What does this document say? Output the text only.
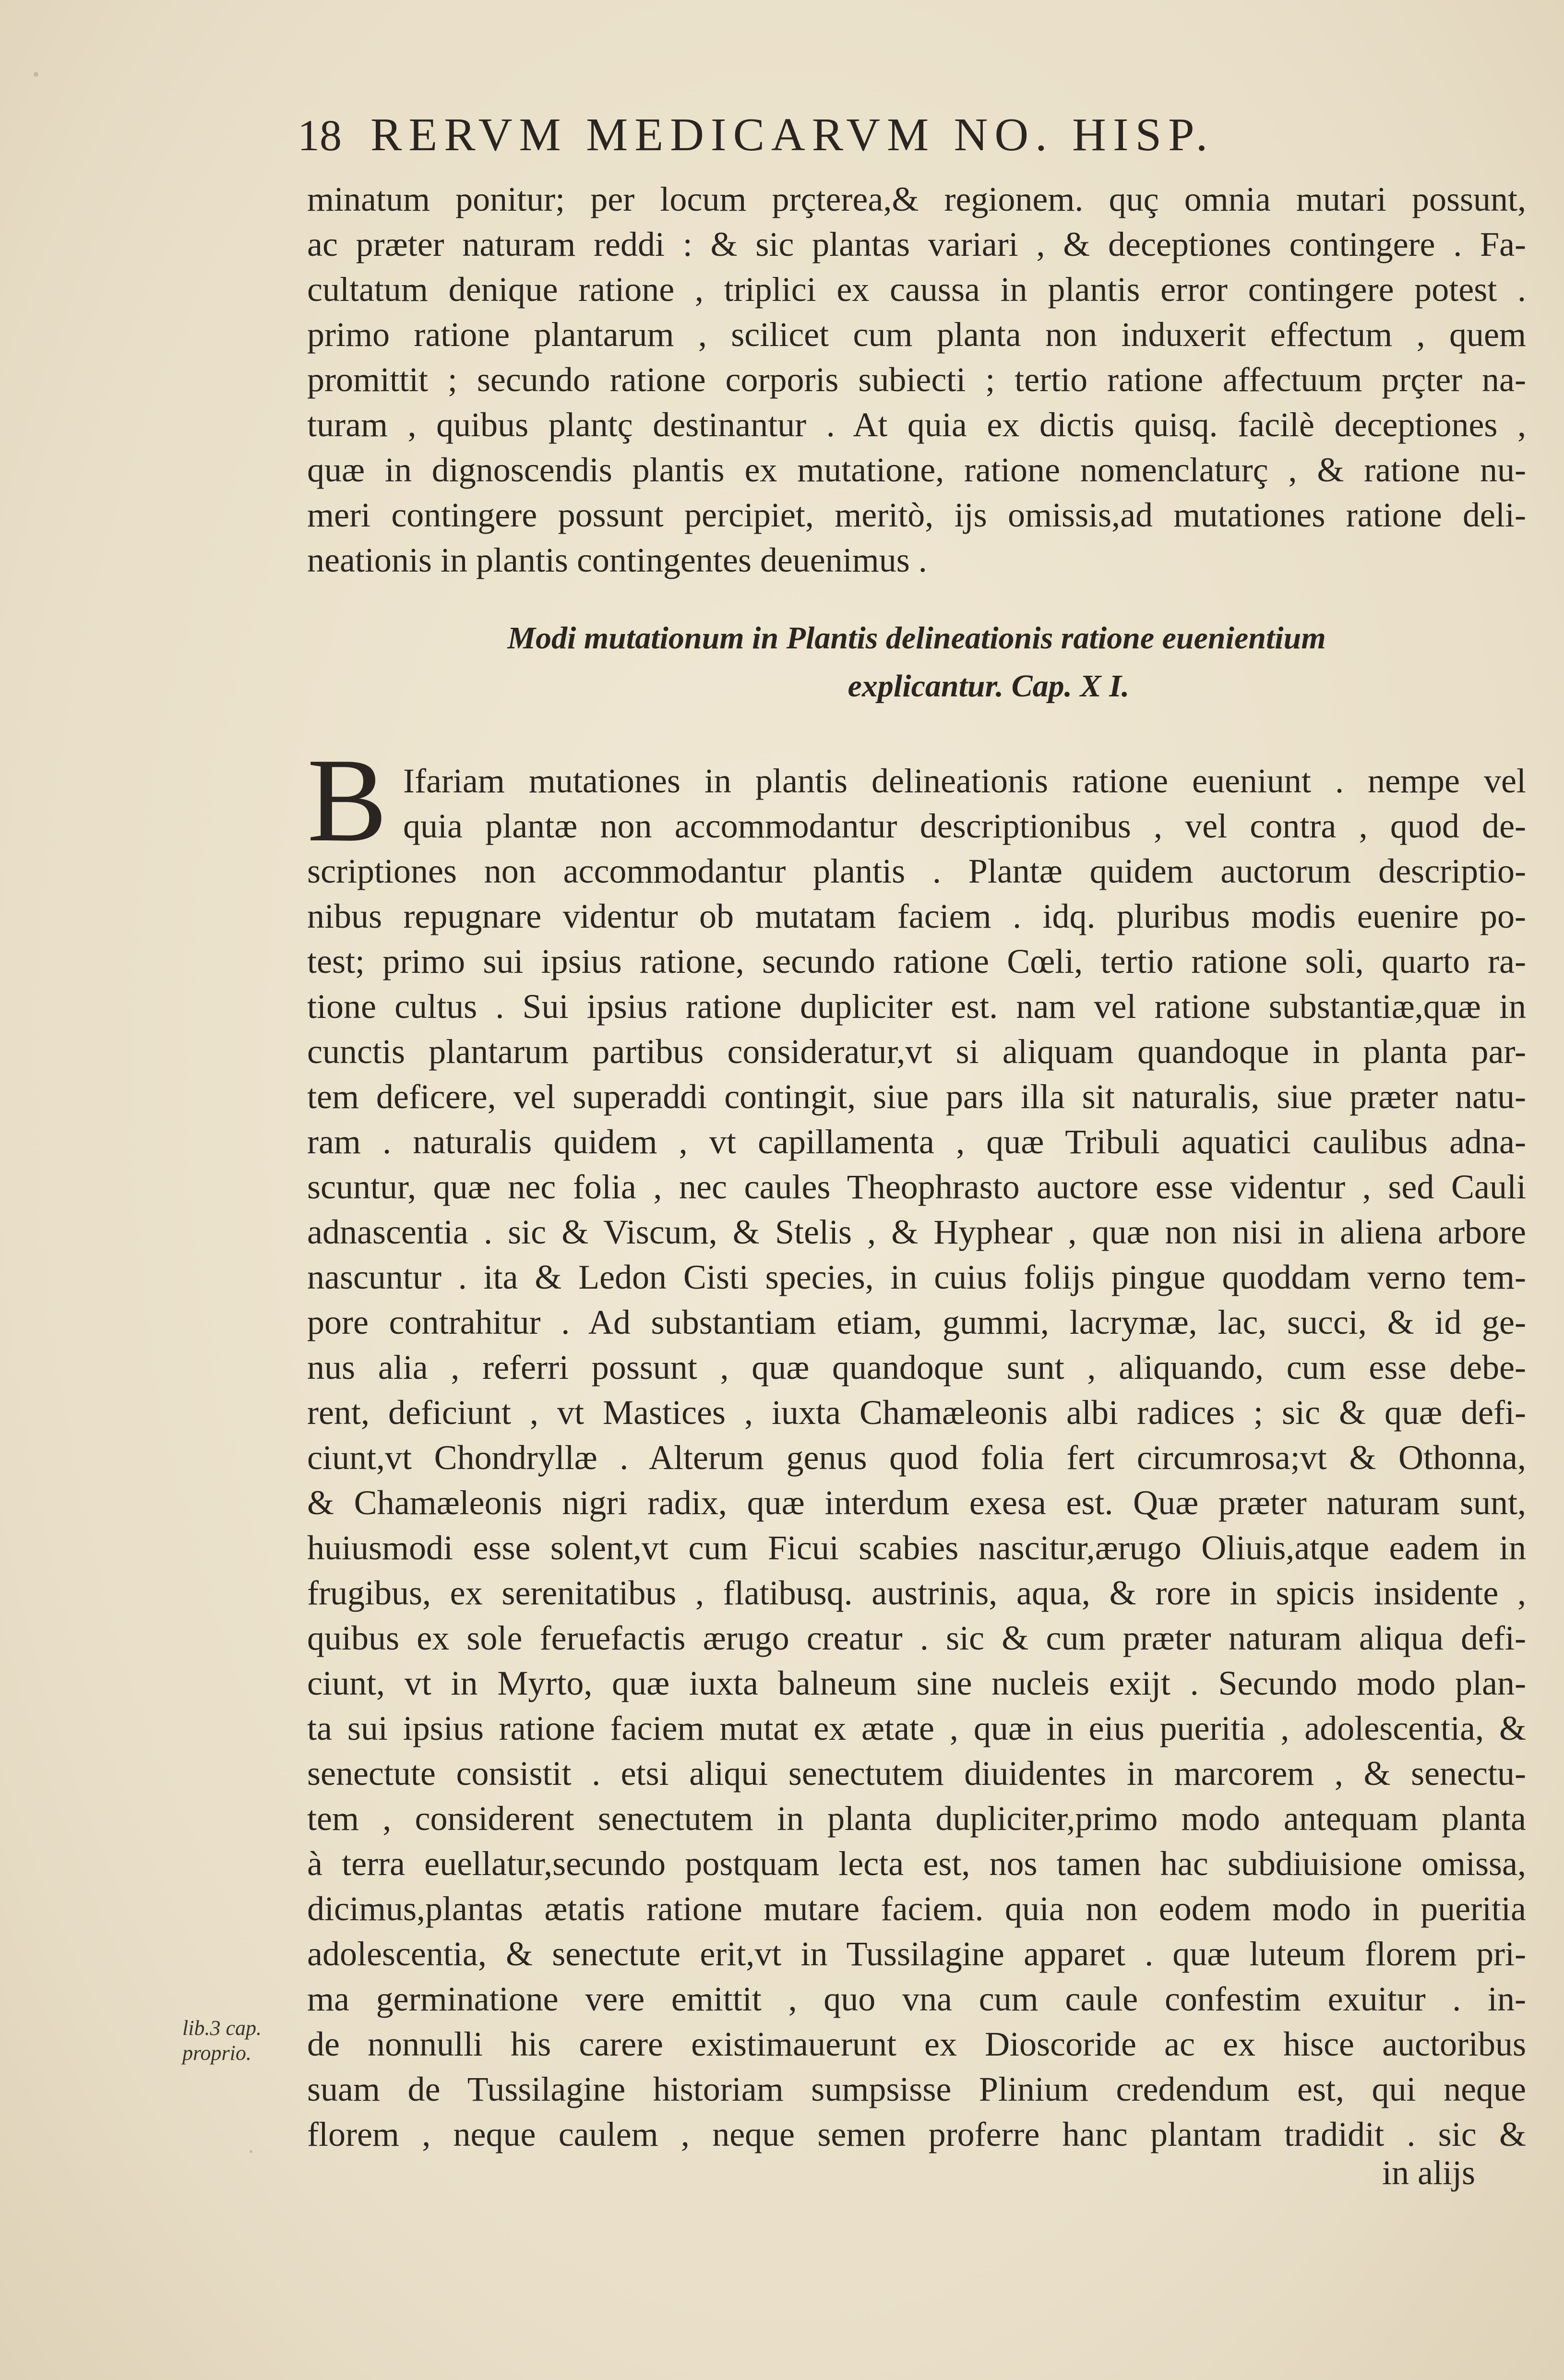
18 RERVM MEDICARVM NO. HISP.
minatum ponitur; per locum prçterea,& regionem. quç omnia mutari possunt,
ac præter naturam reddi : & sic plantas variari , & deceptiones contingere . Fa-
cultatum denique ratione , triplici ex caussa in plantis error contingere potest .
primo ratione plantarum , scilicet cum planta non induxerit effectum , quem
promittit ; secundo ratione corporis subiecti ; tertio ratione affectuum prçter na-
turam , quibus plantç destinantur . At quia ex dictis quisq. facilè deceptiones ,
quæ in dignoscendis plantis ex mutatione, ratione nomenclaturç , & ratione nu-
meri contingere possunt percipiet, meritò, ijs omissis,ad mutationes ratione deli-
neationis in plantis contingentes deuenimus .
Modi mutationum in Plantis delineationis ratione euenientium
explicantur. Cap. X I.
B Ifariam mutationes in plantis delineationis ratione eueniunt . nempe vel
quia plantæ non accommodantur descriptionibus , vel contra , quod de-
scriptiones non accommodantur plantis . Plantæ quidem auctorum descriptio-
nibus repugnare videntur ob mutatam faciem . idq. pluribus modis euenire po-
test; primo sui ipsius ratione, secundo ratione Cœli, tertio ratione soli, quarto ra-
tione cultus . Sui ipsius ratione dupliciter est. nam vel ratione substantiæ,quæ in
cunctis plantarum partibus consideratur,vt si aliquam quandoque in planta par-
tem deficere, vel superaddi contingit, siue pars illa sit naturalis, siue præter natu-
ram . naturalis quidem , vt capillamenta , quæ Tribuli aquatici caulibus adna-
scuntur, quæ nec folia , nec caules Theophrasto auctore esse videntur , sed Cauli
adnascentia . sic & Viscum, & Stelis , & Hyphear , quæ non nisi in aliena arbore
nascuntur . ita & Ledon Cisti species, in cuius folijs pingue quoddam verno tem-
pore contrahitur . Ad substantiam etiam, gummi, lacrymæ, lac, succi, & id ge-
nus alia , referri possunt , quæ quandoque sunt , aliquando, cum esse debe-
rent, deficiunt , vt Mastices , iuxta Chamæleonis albi radices ; sic & quæ defi-
ciunt,vt Chondryllæ . Alterum genus quod folia fert circumrosa;vt & Othonna,
& Chamæleonis nigri radix, quæ interdum exesa est. Quæ præter naturam sunt,
huiusmodi esse solent,vt cum Ficui scabies nascitur,ærugo Oliuis,atque eadem in
frugibus, ex serenitatibus , flatibusq. austrinis, aqua, & rore in spicis insidente ,
quibus ex sole feruefactis ærugo creatur . sic & cum præter naturam aliqua defi-
ciunt, vt in Myrto, quæ iuxta balneum sine nucleis exijt . Secundo modo plan-
ta sui ipsius ratione faciem mutat ex ætate , quæ in eius pueritia , adolescentia, &
senectute consistit . etsi aliqui senectutem diuidentes in marcorem , & senectu-
tem , considerent senectutem in planta dupliciter,primo modo antequam planta
à terra euellatur,secundo postquam lecta est, nos tamen hac subdiuisione omissa,
dicimus,plantas ætatis ratione mutare faciem. quia non eodem modo in pueritia
adolescentia, & senectute erit,vt in Tussilagine apparet . quæ luteum florem pri-
ma germinatione vere emittit , quo vna cum caule confestim exuitur . in-
de nonnulli his carere existimauerunt ex Dioscoride ac ex hisce auctoribus
suam de Tussilagine historiam sumpsisse Plinium credendum est, qui neque
florem , neque caulem , neque semen proferre hanc plantam tradidit . sic &
lib.3 cap. proprio.
in alijs
